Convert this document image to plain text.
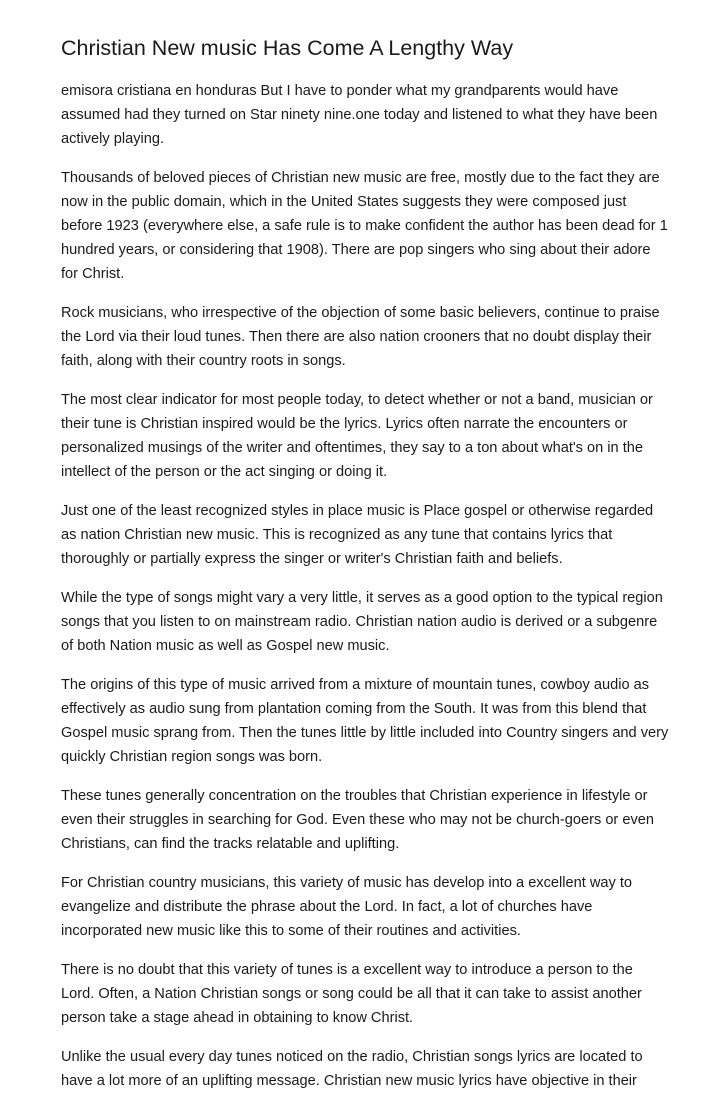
Christian New music Has Come A Lengthy Way

emisora cristiana en honduras But I have to ponder what my grandparents would have assumed had they turned on Star ninety nine.one today and listened to what they have been actively playing.

Thousands of beloved pieces of Christian new music are free, mostly due to the fact they are now in the public domain, which in the United States suggests they were composed just before 1923 (everywhere else, a safe rule is to make confident the author has been dead for 1 hundred years, or considering that 1908). There are pop singers who sing about their adore for Christ.

Rock musicians, who irrespective of the objection of some basic believers, continue to praise the Lord via their loud tunes. Then there are also nation crooners that no doubt display their faith, along with their country roots in songs.

The most clear indicator for most people today, to detect whether or not a band, musician or their tune is Christian inspired would be the lyrics. Lyrics often narrate the encounters or personalized musings of the writer and oftentimes, they say to a ton about what's on in the intellect of the person or the act singing or doing it.

Just one of the least recognized styles in place music is Place gospel or otherwise regarded as nation Christian new music. This is recognized as any tune that contains lyrics that thoroughly or partially express the singer or writer's Christian faith and beliefs.

While the type of songs might vary a very little, it serves as a good option to the typical region songs that you listen to on mainstream radio. Christian nation audio is derived or a subgenre of both Nation music as well as Gospel new music.

The origins of this type of music arrived from a mixture of mountain tunes, cowboy audio as effectively as audio sung from plantation coming from the South. It was from this blend that Gospel music sprang from. Then the tunes little by little included into Country singers and very quickly Christian region songs was born.

These tunes generally concentration on the troubles that Christian experience in lifestyle or even their struggles in searching for God. Even these who may not be church-goers or even Christians, can find the tracks relatable and uplifting.

For Christian country musicians, this variety of music has develop into a excellent way to evangelize and distribute the phrase about the Lord. In fact, a lot of churches have incorporated new music like this to some of their routines and activities.

There is no doubt that this variety of tunes is a excellent way to introduce a person to the Lord. Often, a Nation Christian songs or song could be all that it can take to assist another person take a stage ahead in obtaining to know Christ.

Unlike the usual every day tunes noticed on the radio, Christian songs lyrics are located to have a lot more of an uplifting message. Christian new music lyrics have objective in their
